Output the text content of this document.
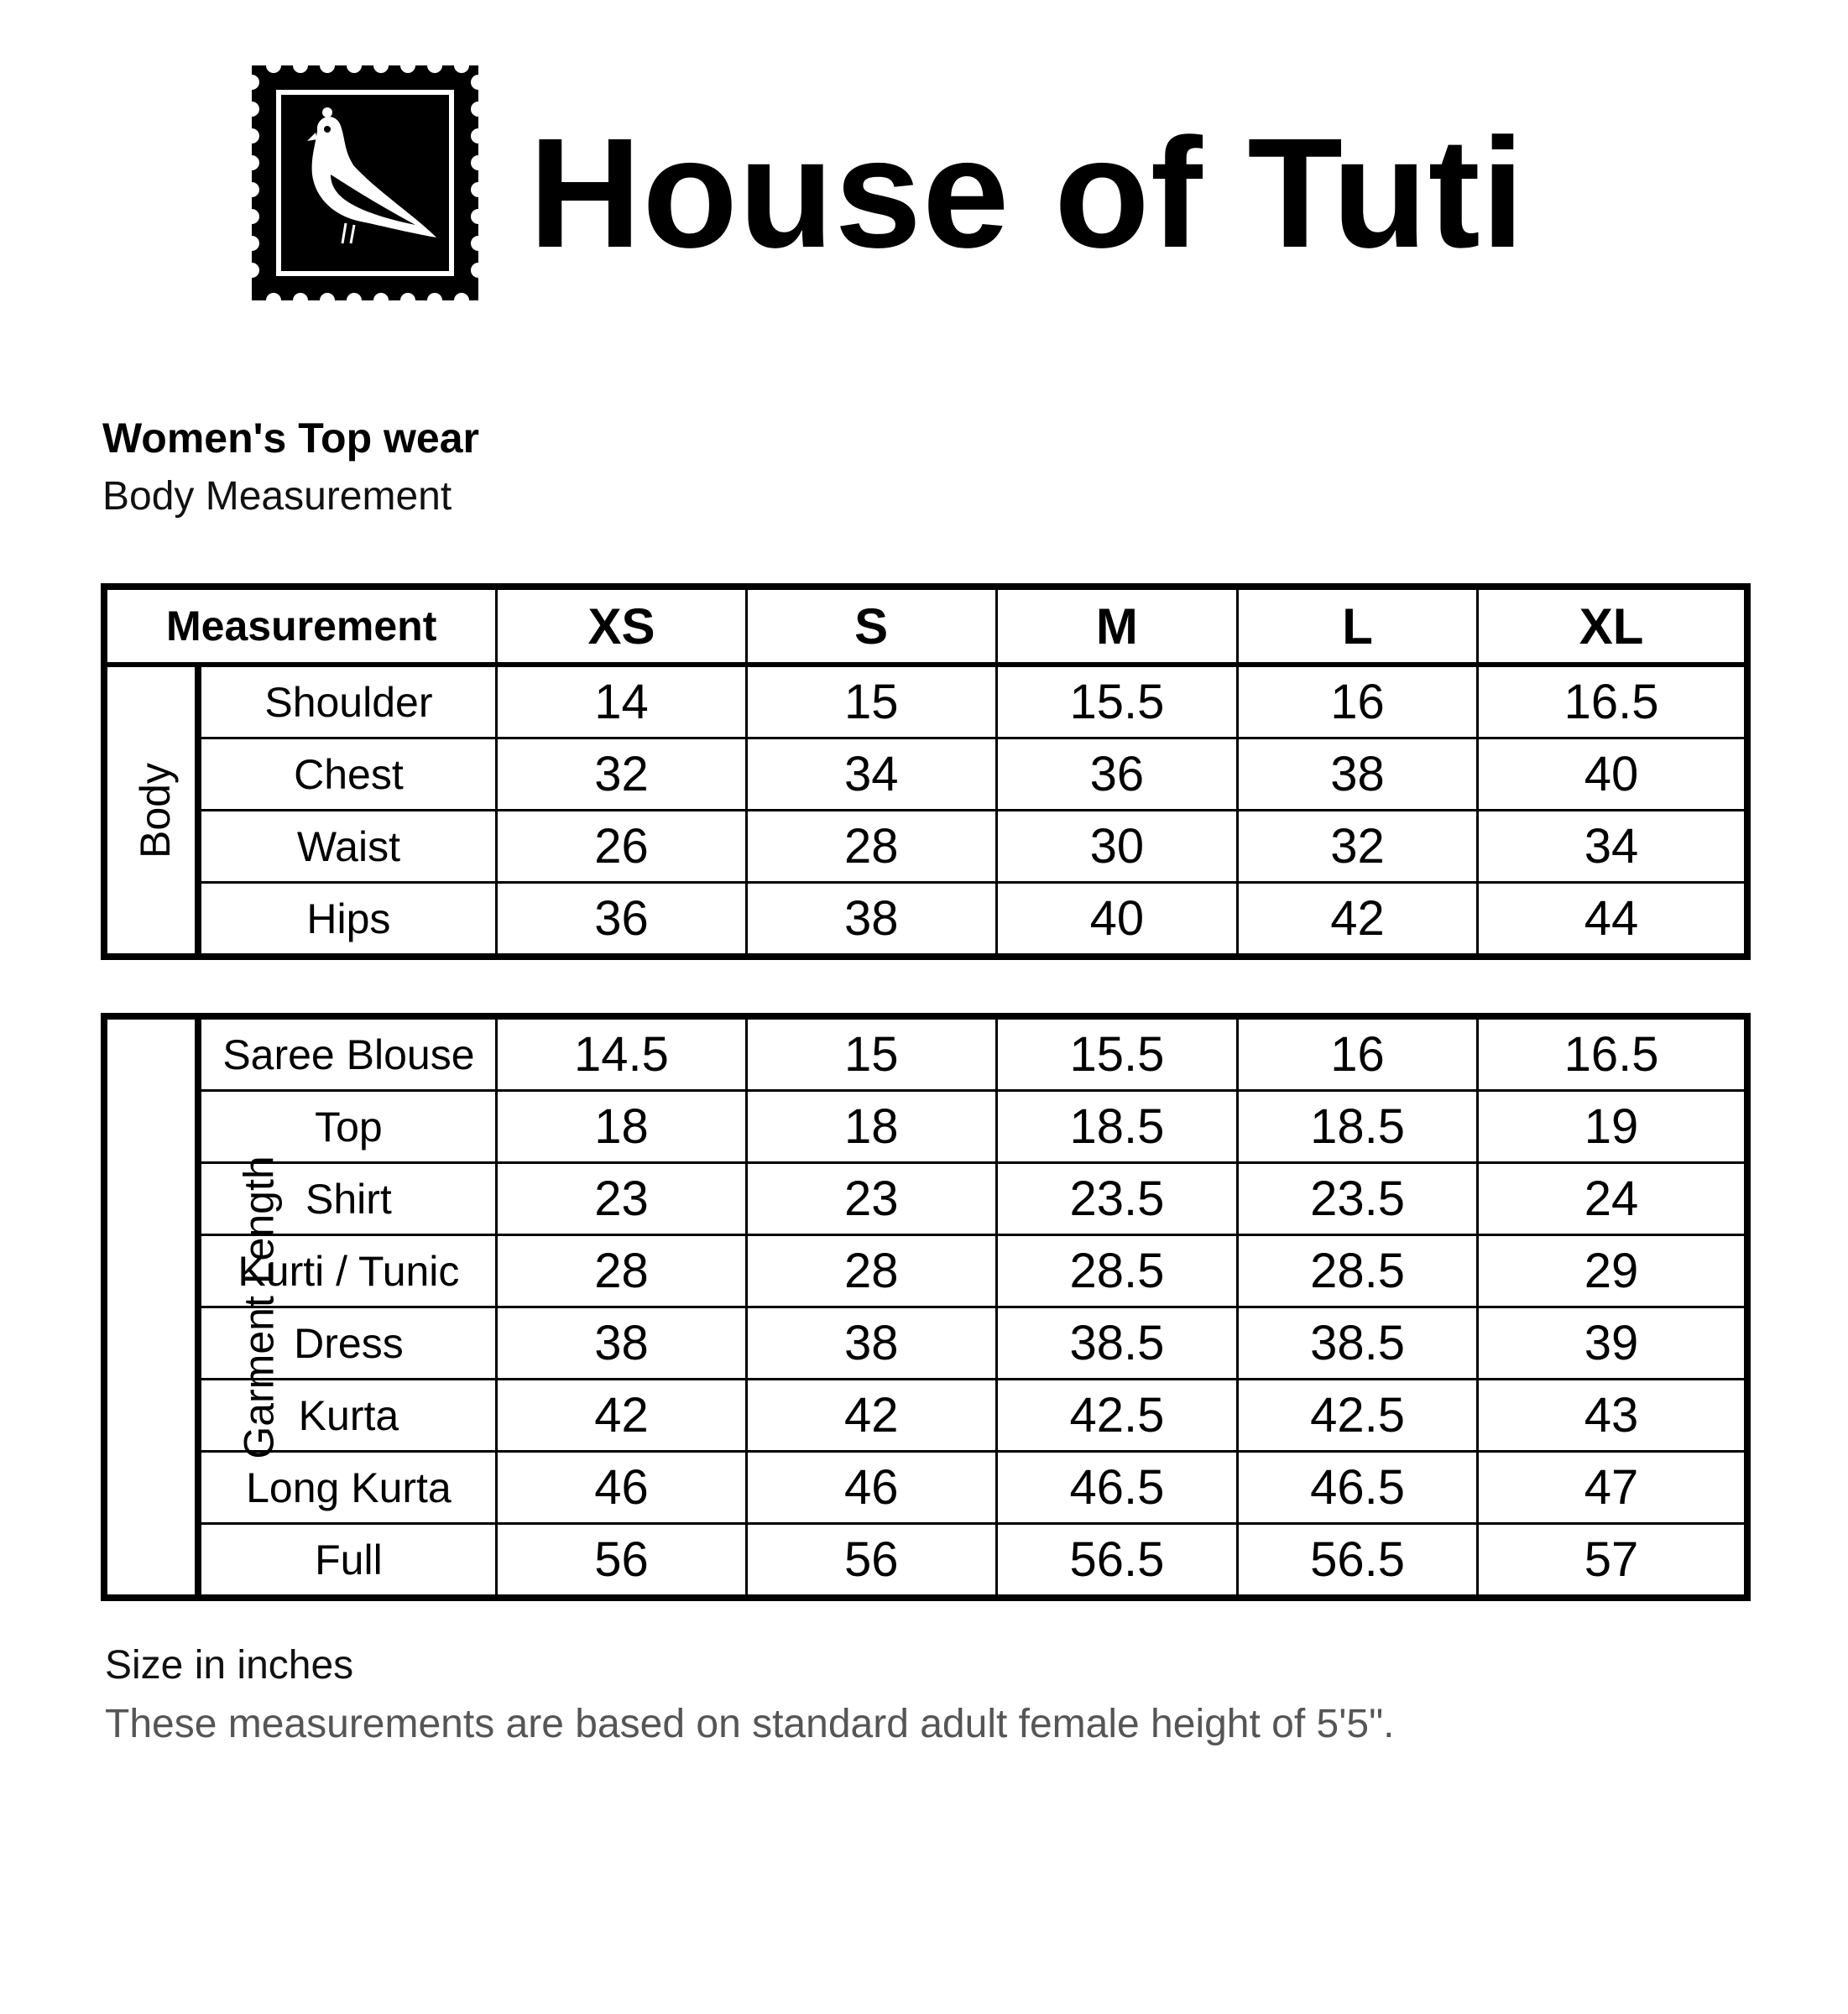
House of Tuti
Women's Top wear
Body Measurement
Measurement		XS	S	M	L	XL
Body	Shoulder	14	15	15.5	16	16.5
	Chest	32	34	36	38	40
	Waist	26	28	30	32	34
	Hips	36	38	40	42	44
Garment Length	Saree Blouse	14.5	15	15.5	16	16.5
	Top	18	18	18.5	18.5	19
	Shirt	23	23	23.5	23.5	24
	Kurti / Tunic	28	28	28.5	28.5	29
	Dress	38	38	38.5	38.5	39
	Kurta	42	42	42.5	42.5	43
	Long Kurta	46	46	46.5	46.5	47
	Full	56	56	56.5	56.5	57
Size in inches
These measurements are based on standard adult female height of 5'5".
